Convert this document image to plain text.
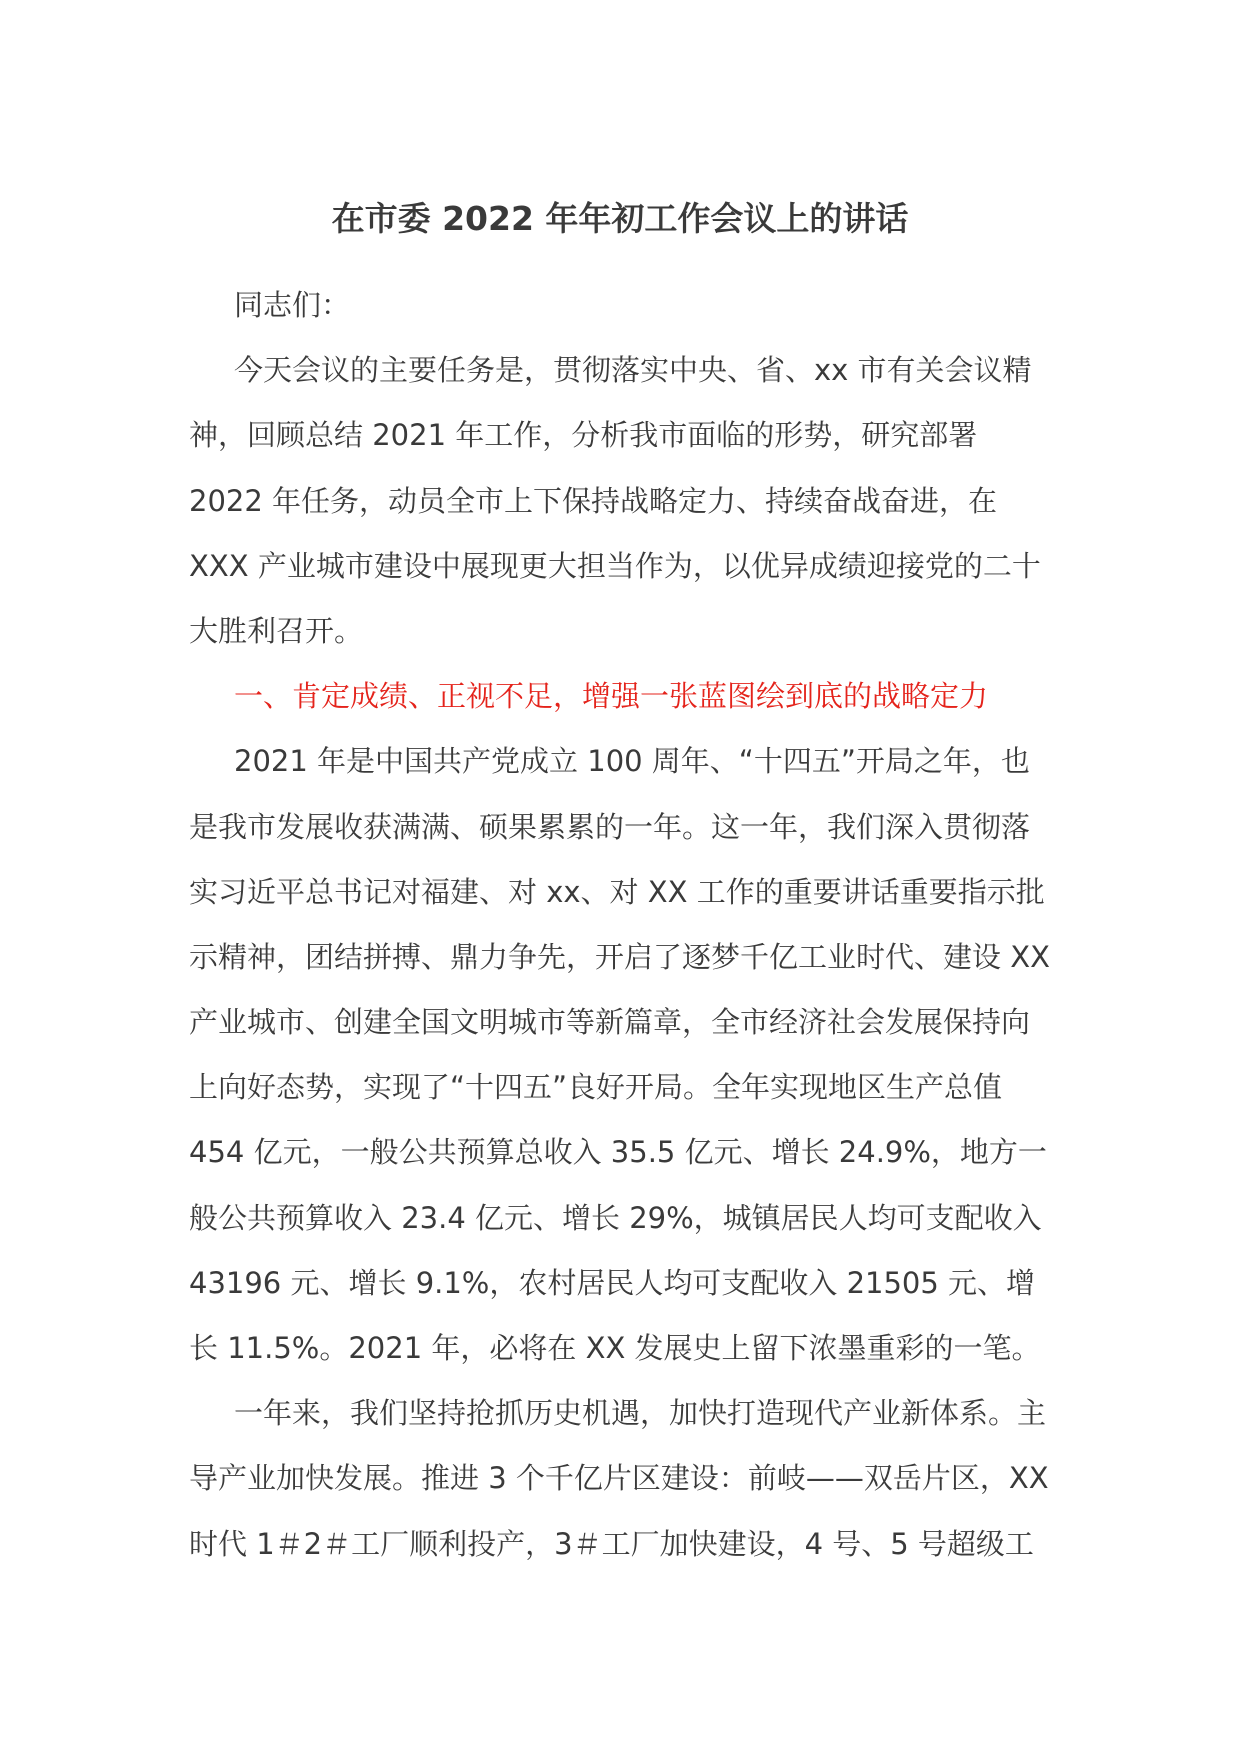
在市委 2022 年年初工作会议上的讲话
同志们：
今天会议的主要任务是，贯彻落实中央、省、xx 市有关会议精
神，回顾总结 2021 年工作，分析我市面临的形势，研究部署
2022 年任务，动员全市上下保持战略定力、持续奋战奋进，在
XXX 产业城市建设中展现更大担当作为，以优异成绩迎接党的二十
大胜利召开。
一、肯定成绩、正视不足，增强一张蓝图绘到底的战略定力
2021 年是中国共产党成立 100 周年、“十四五”开局之年，也
是我市发展收获满满、硕果累累的一年。这一年，我们深入贯彻落
实习近平总书记对福建、对 xx、对 XX 工作的重要讲话重要指示批
示精神，团结拼搏、鼎力争先，开启了逐梦千亿工业时代、建设 XX
产业城市、创建全国文明城市等新篇章，全市经济社会发展保持向
上向好态势，实现了“十四五”良好开局。全年实现地区生产总值
454 亿元，一般公共预算总收入 35.5 亿元、增长 24.9%，地方一
般公共预算收入 23.4 亿元、增长 29%，城镇居民人均可支配收入
43196 元、增长 9.1%，农村居民人均可支配收入 21505 元、增
长 11.5%。2021 年，必将在 XX 发展史上留下浓墨重彩的一笔。
一年来，我们坚持抢抓历史机遇，加快打造现代产业新体系。主
导产业加快发展。推进 3 个千亿片区建设：前岐——双岳片区，XX
时代 1＃2＃工厂顺利投产，3＃工厂加快建设，4 号、5 号超级工
